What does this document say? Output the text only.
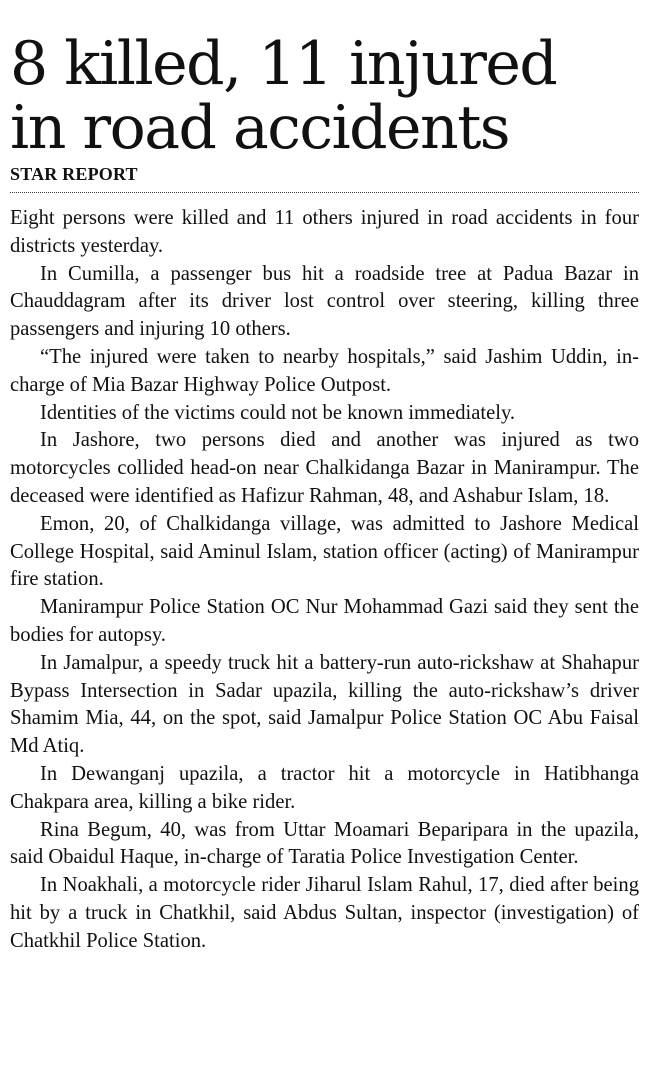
8 killed, 11 injured
in road accidents
STAR REPORT

Eight persons were killed and 11 others injured in road accidents in four districts yesterday.

In Cumilla, a passenger bus hit a roadside tree at Padua Bazar in Chauddagram after its driver lost control over steering, killing three passengers and injuring 10 others.

“The injured were taken to nearby hospitals,” said Jashim Uddin, in-charge of Mia Bazar Highway Police Outpost.

Identities of the victims could not be known immediately.

In Jashore, two persons died and another was injured as two motorcycles collided head-on near Chalkidanga Bazar in Manirampur. The deceased were identified as Hafizur Rahman, 48, and Ashabur Islam, 18.

Emon, 20, of Chalkidanga village, was admitted to Jashore Medical College Hospital, said Aminul Islam, station officer (acting) of Manirampur fire station.

Manirampur Police Station OC Nur Mohammad Gazi said they sent the bodies for autopsy.

In Jamalpur, a speedy truck hit a battery-run auto-rickshaw at Shahapur Bypass Intersection in Sadar upazila, killing the auto-rickshaw’s driver Shamim Mia, 44, on the spot, said Jamalpur Police Station OC Abu Faisal Md Atiq.

In Dewanganj upazila, a tractor hit a motorcycle in Hatibhanga Chakpara area, killing a bike rider.

Rina Begum, 40, was from Uttar Moamari Beparipara in the upazila, said Obaidul Haque, in-charge of Taratia Police Investigation Center.

In Noakhali, a motorcycle rider Jiharul Islam Rahul, 17, died after being hit by a truck in Chatkhil, said Abdus Sultan, inspector (investigation) of Chatkhil Police Station.
